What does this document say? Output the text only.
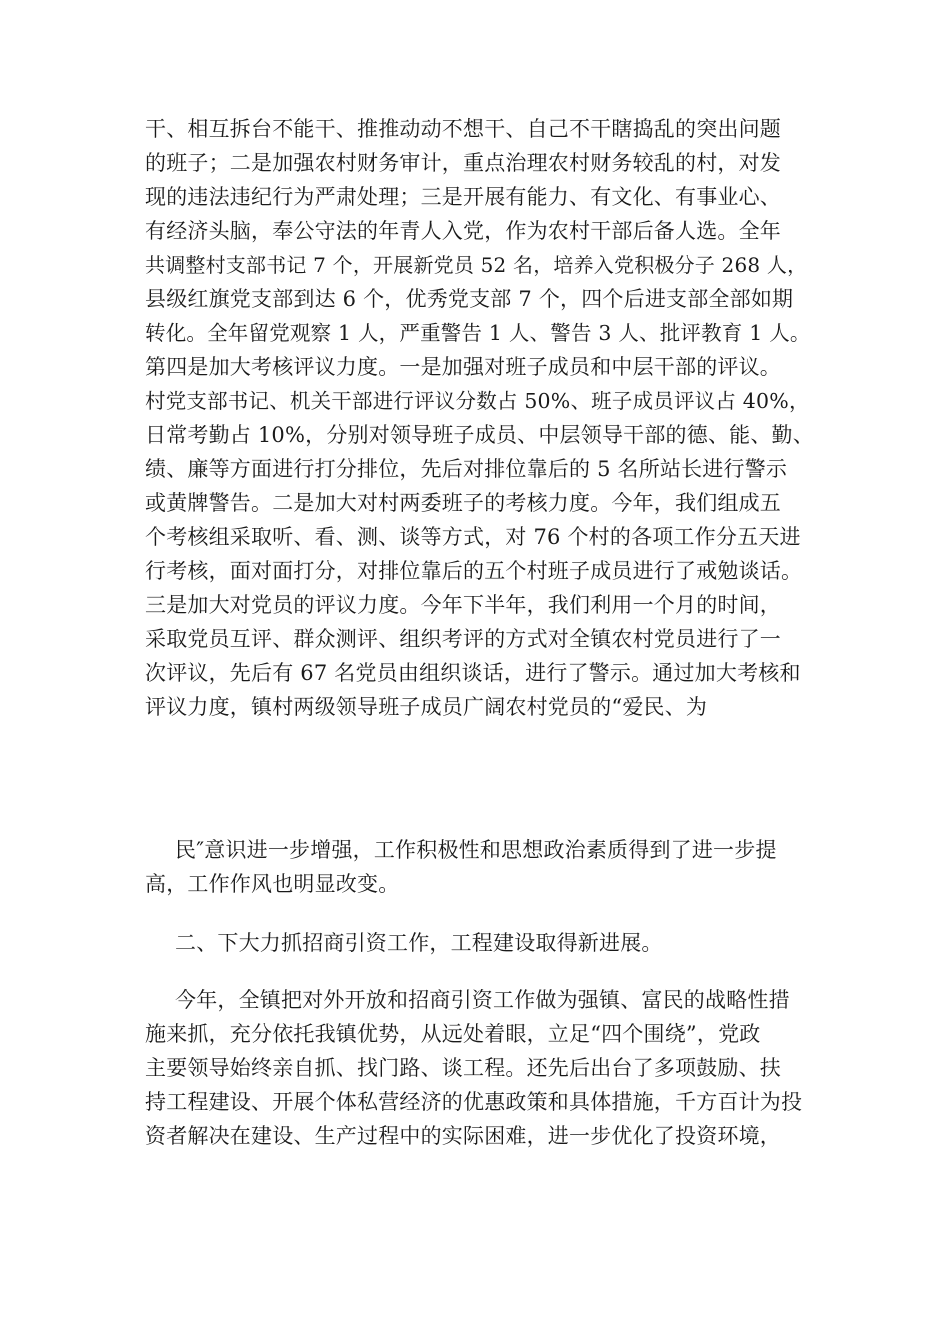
干、相互拆台不能干、推推动动不想干、自己不干瞎捣乱的突出问题
的班子；二是加强农村财务审计，重点治理农村财务较乱的村，对发
现的违法违纪行为严肃处理；三是开展有能力、有文化、有事业心、
有经济头脑，奉公守法的年青人入党，作为农村干部后备人选。全年
共调整村支部书记 7 个，开展新党员 52 名，培养入党积极分子 268 人，
县级红旗党支部到达 6 个，优秀党支部 7 个，四个后进支部全部如期
转化。全年留党观察 1 人，严重警告 1 人、警告 3 人、批评教育 1 人。
第四是加大考核评议力度。一是加强对班子成员和中层干部的评议。
村党支部书记、机关干部进行评议分数占 50%、班子成员评议占 40%，
日常考勤占 10%，分别对领导班子成员、中层领导干部的德、能、勤、
绩、廉等方面进行打分排位，先后对排位靠后的 5 名所站长进行警示
或黄牌警告。二是加大对村两委班子的考核力度。今年，我们组成五
个考核组采取听、看、测、谈等方式，对 76 个村的各项工作分五天进
行考核，面对面打分，对排位靠后的五个村班子成员进行了戒勉谈话。
三是加大对党员的评议力度。今年下半年，我们利用一个月的时间，
采取党员互评、群众测评、组织考评的方式对全镇农村党员进行了一
次评议，先后有 67 名党员由组织谈话，进行了警示。通过加大考核和
评议力度，镇村两级领导班子成员广阔农村党员的“爱民、为
民″意识进一步增强，工作积极性和思想政治素质得到了进一步提
高，工作作风也明显改变。
二、下大力抓招商引资工作，工程建设取得新进展。
今年，全镇把对外开放和招商引资工作做为强镇、富民的战略性措
施来抓，充分依托我镇优势，从远处着眼，立足“四个围绕”，党政
主要领导始终亲自抓、找门路、谈工程。还先后出台了多项鼓励、扶
持工程建设、开展个体私营经济的优惠政策和具体措施，千方百计为投
资者解决在建设、生产过程中的实际困难，进一步优化了投资环境，
